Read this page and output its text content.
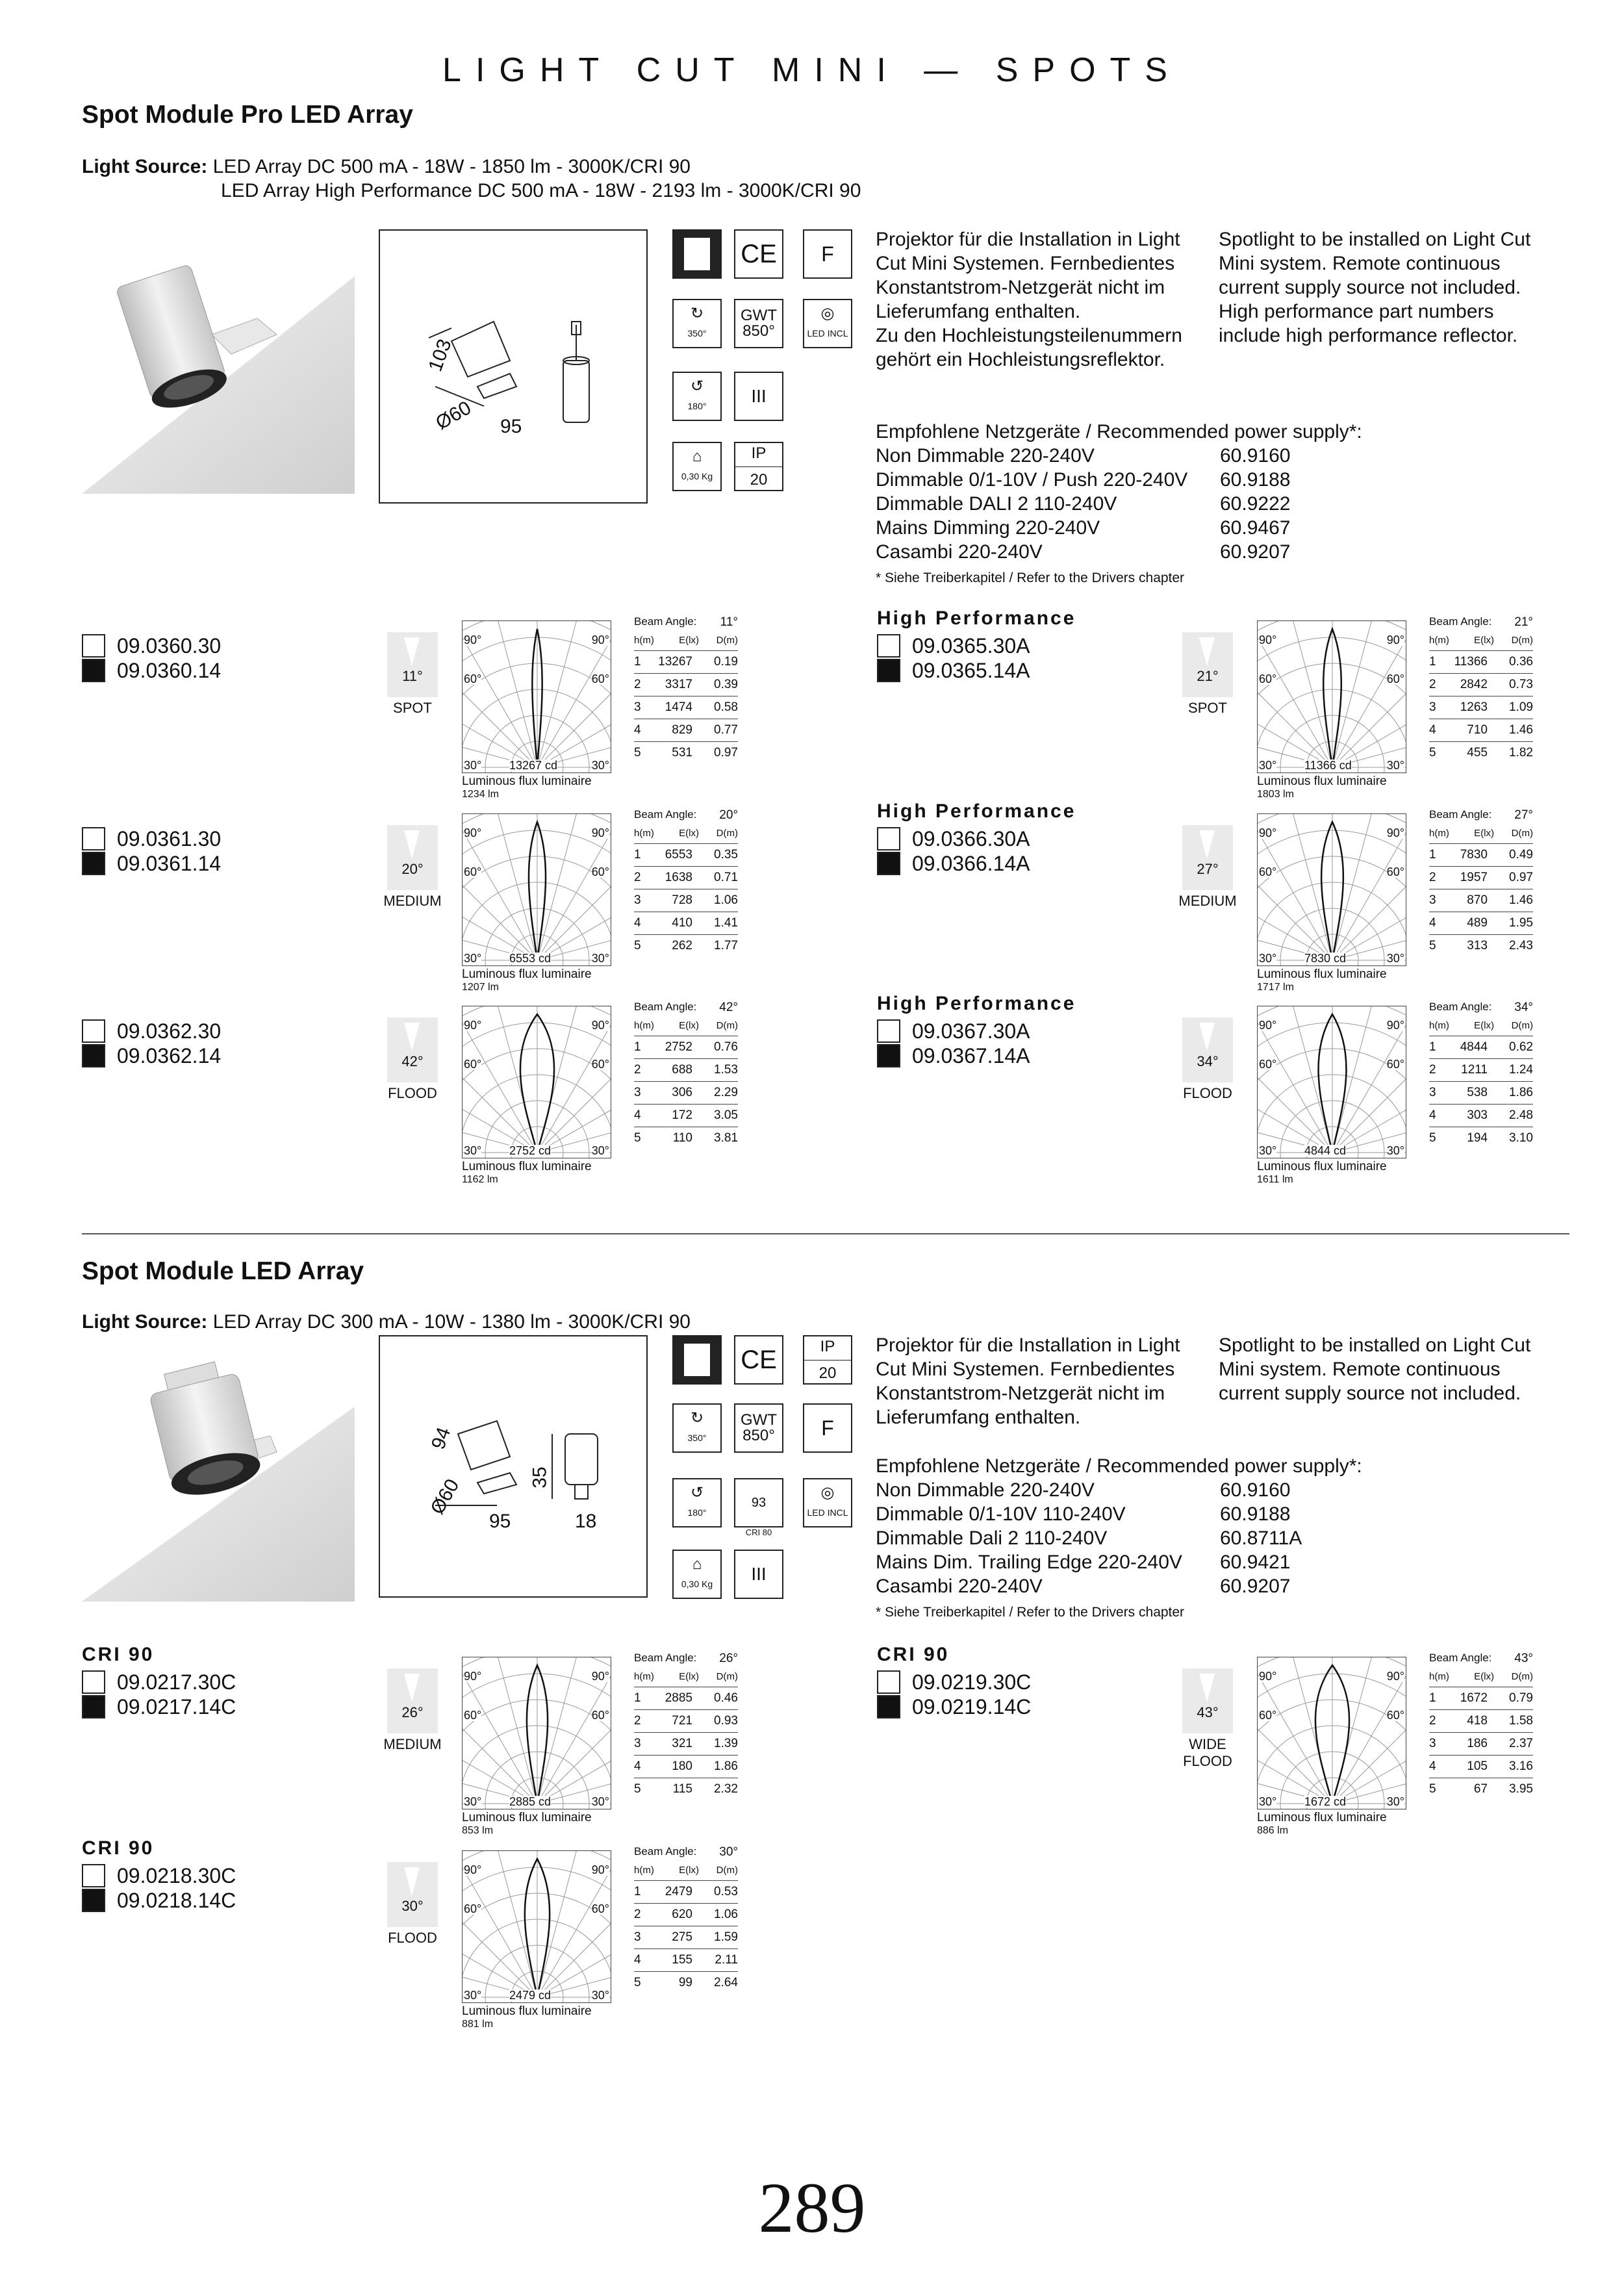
LIGHT CUT MINI — SPOTS
Spot Module Pro LED Array
Light Source: LED Array DC 500 mA - 18W - 1850 lm - 3000K/CRI 90
LED Array High Performance DC 500 mA - 18W - 2193 lm - 3000K/CRI 90
103
Ø60 95
↻
350°
↺
180°
⌂
0,30 Kg
CE
GWT
850°
III
IP
20
F
◎
LED INCL
Projektor für die Installation in Light
Cut Mini Systemen. Fernbedientes
Konstantstrom-Netzgerät nicht im
Lieferumfang enthalten.
Zu den Hochleistungsteilenummern
gehört ein Hochleistungsreflektor.
Spotlight to be installed on Light Cut
Mini system. Remote continuous
current supply source not included.
High performance part numbers
include high performance reflector.
Empfohlene Netzgeräte / Recommended power supply*:
Non Dimmable 220-240V	60.9160
Dimmable 0/1-10V / Push 220-240V	60.9188
Dimmable DALI 2 110-240V	60.9222
Mains Dimming 220-240V	60.9467
Casambi 220-240V	60.9207
* Siehe Treiberkapitel / Refer to the Drivers chapter
09.0360.30
09.0360.14	11°
SPOT
90°	90°
60°	60°
30°	30°
13267 cd
Luminous flux luminaire
1234 lm
Beam Angle: 11°
h(m)	E(lx)	D(m)
1	13267	0.19
2	3317	0.39
3	1474	0.58
4	829	0.77
5	531	0.97
09.0361.30
09.0361.14	20°
MEDIUM
90°	90°
60°	60°
30°	30°
6553 cd
Luminous flux luminaire
1207 lm
Beam Angle: 20°
h(m)	E(lx)	D(m)
1	6553	0.35
2	1638	0.71
3	728	1.06
4	410	1.41
5	262	1.77
09.0362.30
09.0362.14	42°
FLOOD
90°	90°
60°	60°
30°	30°
2752 cd
Luminous flux luminaire
1162 lm
Beam Angle: 42°
h(m)	E(lx)	D(m)
1	2752	0.76
2	688	1.53
3	306	2.29
4	172	3.05
5	110	3.81
High Performance
09.0365.30A
09.0365.14A	21°
SPOT
90°	90°
60°	60°
30°	30°
11366 cd
Luminous flux luminaire
1803 lm
Beam Angle: 21°
h(m)	E(lx)	D(m)
1	11366	0.36
2	2842	0.73
3	1263	1.09
4	710	1.46
5	455	1.82
High Performance
09.0366.30A
09.0366.14A	27°
MEDIUM
90°	90°
60°	60°
30°	30°
7830 cd
Luminous flux luminaire
1717 lm
Beam Angle: 27°
h(m)	E(lx)	D(m)
1	7830	0.49
2	1957	0.97
3	870	1.46
4	489	1.95
5	313	2.43
High Performance
09.0367.30A
09.0367.14A	34°
FLOOD
90°	90°
60°	60°
30°	30°
4844 cd
Luminous flux luminaire
1611 lm
Beam Angle: 34°
h(m)	E(lx)	D(m)
1	4844	0.62
2	1211	1.24
3	538	1.86
4	303	2.48
5	194	3.10
CRI 90
09.0217.30C
09.0217.14C	26°
MEDIUM
90°	90°
60°	60°
30°	30°
2885 cd
Luminous flux luminaire
853 lm
Beam Angle: 26°
h(m)	E(lx)	D(m)
1	2885	0.46
2	721	0.93
3	321	1.39
4	180	1.86
5	115	2.32
CRI 90
09.0218.30C
09.0218.14C	30°
FLOOD
90°	90°
60°	60°
30°	30°
2479 cd
Luminous flux luminaire
881 lm
Beam Angle: 30°
h(m)	E(lx)	D(m)
1	2479	0.53
2	620	1.06
3	275	1.59
4	155	2.11
5	99	2.64
CRI 90
09.0219.30C
09.0219.14C	43°
WIDE FLOOD
90°	90°
60°	60°
30°	30°
1672 cd
Luminous flux luminaire
886 lm
Beam Angle: 43°
h(m)	E(lx)	D(m)
1	1672	0.79
2	418	1.58
3	186	2.37
4	105	3.16
5	67	3.95
Spot Module LED Array
Light Source: LED Array DC 300 mA - 10W - 1380 lm - 3000K/CRI 90
94
Ø60
95
35
18
↻
350°
↺
180°
⌂
0,30 Kg
CE
GWT
850°
93
CRI 80
III
IP
20
F
◎
LED INCL
Projektor für die Installation in Light
Cut Mini Systemen. Fernbedientes
Konstantstrom-Netzgerät nicht im
Lieferumfang enthalten.
Spotlight to be installed on Light Cut
Mini system. Remote continuous
current supply source not included.
Empfohlene Netzgeräte / Recommended power supply*:
Non Dimmable 220-240V	60.9160
Dimmable 0/1-10V 110-240V	60.9188
Dimmable Dali 2 110-240V	60.8711A
Mains Dim. Trailing Edge 220-240V	60.9421
Casambi 220-240V	60.9207
* Siehe Treiberkapitel / Refer to the Drivers chapter
289
